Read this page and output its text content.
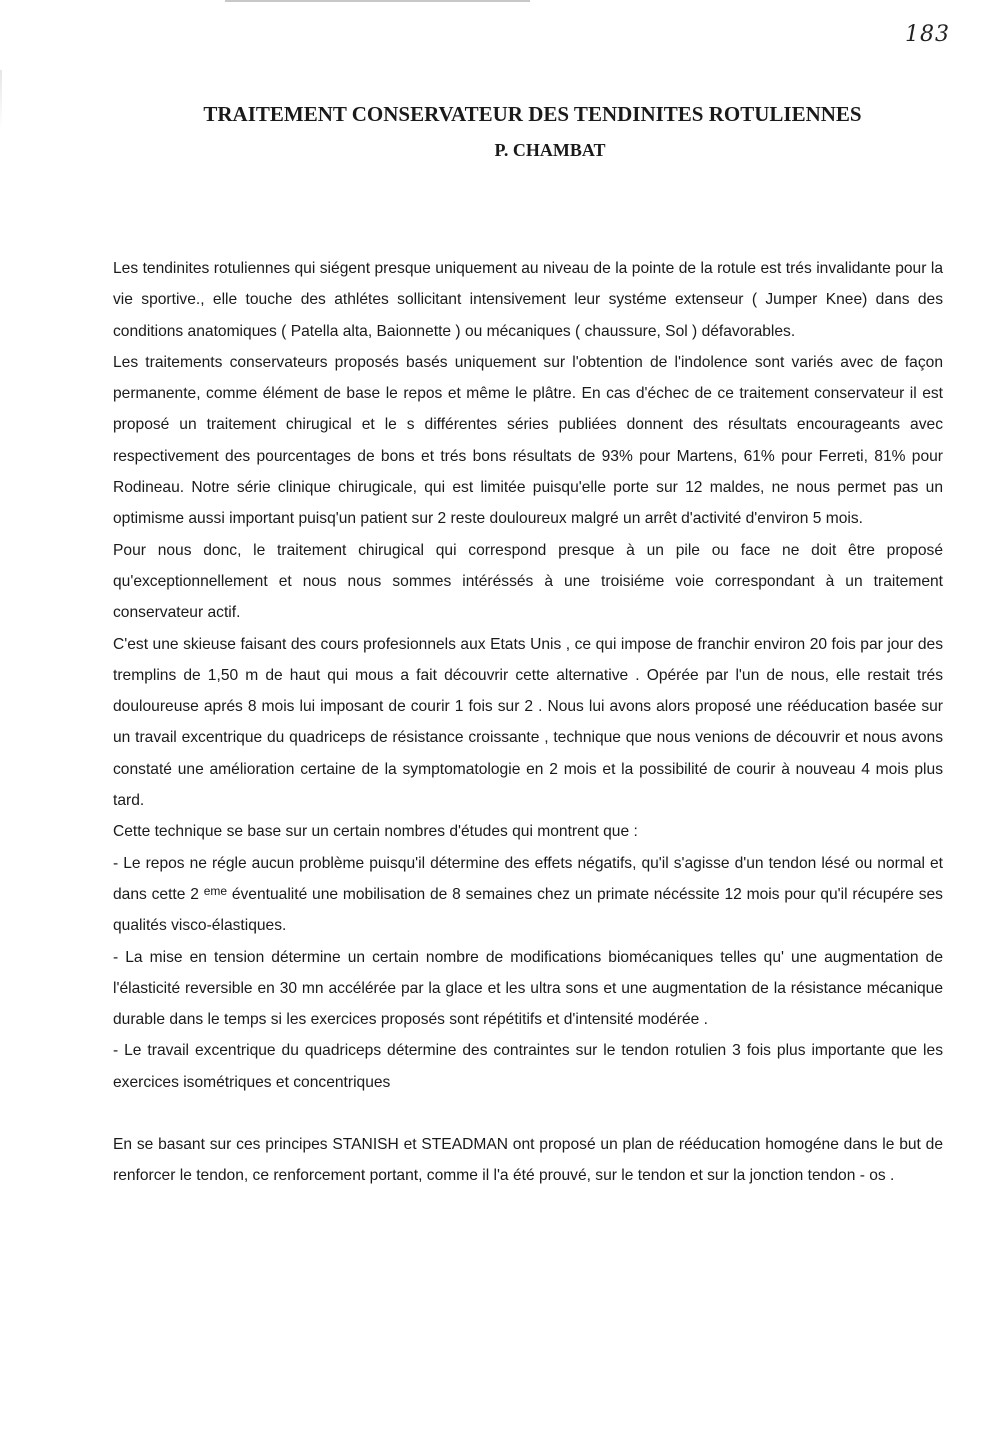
183
TRAITEMENT CONSERVATEUR DES TENDINITES ROTULIENNES
P. CHAMBAT

Les tendinites rotuliennes qui siégent presque uniquement au niveau de la pointe de la rotule est trés invalidante pour la vie sportive., elle touche des athlétes sollicitant intensivement leur systéme extenseur ( Jumper Knee) dans des conditions anatomiques ( Patella alta, Baionnette ) ou mécaniques ( chaussure, Sol ) défavorables.

Les traitements conservateurs proposés basés uniquement sur l'obtention de l'indolence sont variés avec de façon permanente, comme élément de base le repos et même le plâtre. En cas d'échec de ce traitement conservateur il est proposé un traitement chirugical et le s différentes séries publiées donnent des résultats encourageants avec respectivement des pourcentages de bons et trés bons résultats de 93% pour Martens, 61% pour Ferreti, 81% pour Rodineau. Notre série clinique chirugicale, qui est limitée puisqu'elle porte sur 12 maldes, ne nous permet pas un optimisme aussi important puisq'un patient sur 2 reste douloureux malgré un arrêt d'activité d'environ 5 mois.

Pour nous donc, le traitement chirugical qui correspond presque à un pile ou face ne doit être proposé qu'exceptionnellement et nous nous sommes intéréssés à une troisiéme voie correspondant à un traitement conservateur actif.

C'est une skieuse faisant des cours profesionnels aux Etats Unis , ce qui impose de franchir environ 20 fois par jour des tremplins de 1,50 m de haut qui mous a fait découvrir cette alternative . Opérée par l'un de nous, elle restait trés douloureuse aprés 8 mois lui imposant de courir 1 fois sur 2 . Nous lui avons alors proposé une rééducation basée sur un travail excentrique du quadriceps de résistance croissante , technique que nous venions de découvrir et nous avons constaté une amélioration certaine de la symptomatologie en 2 mois et la possibilité de courir à nouveau 4 mois plus tard.

Cette technique se base sur un certain nombres d'études qui montrent que :

- Le repos ne régle aucun problème puisqu'il détermine des effets négatifs, qu'il s'agisse d'un tendon lésé ou normal et dans cette 2 $^{eme}$ éventualité une mobilisation de 8 semaines chez un primate nécéssite 12 mois pour qu'il récupére ses qualités visco-élastiques.

- La mise en tension détermine un certain nombre de modifications biomécaniques telles qu' une augmentation de l'élasticité reversible en 30 mn accélérée par la glace et les ultra sons et une augmentation de la résistance mécanique durable dans le temps si les exercices proposés sont répétitifs et d'intensité modérée .

- Le travail excentrique du quadriceps détermine des contraintes sur le tendon rotulien 3 fois plus importante que les exercices isométriques et concentriques

En se basant sur ces principes STANISH et STEADMAN ont proposé un plan de rééducation homogéne dans le but de renforcer le tendon, ce renforcement portant, comme il l'a été prouvé, sur le tendon et sur la jonction tendon - os .
